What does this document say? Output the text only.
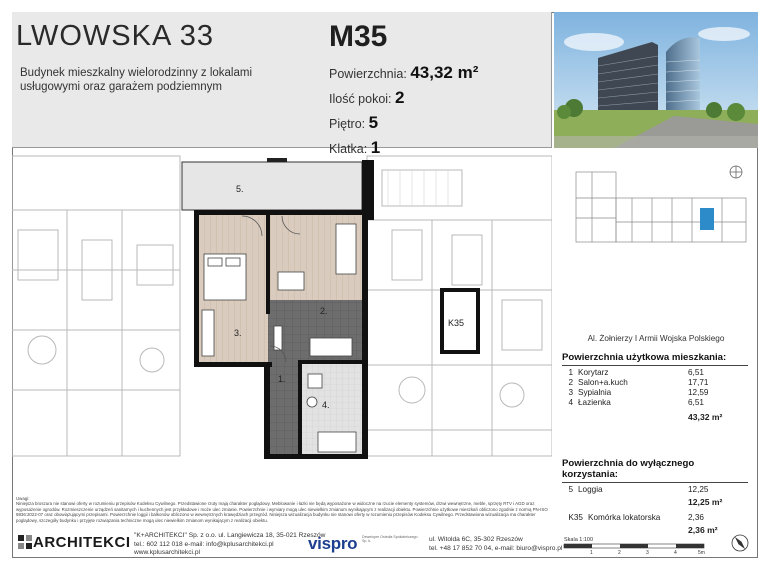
LWOWSKA 33	M35
Budynek mieszkalny wielorodzinny z lokalami usługowymi oraz garażem podziemnym
Powierzchnia: 43,32 m²
Ilość pokoi: 2
Piętro: 5
Klatka: 1
1.
2.
3.
4.
5.
K35
Al. Żołnierzy I Armii Wojska Polskiego
Powierzchnia użytkowa mieszkania:
1 Korytarz	6,51
2 Salon+a.kuch	17,71
3 Sypialnia	12,59
4 Łazienka	6,51
43,32 m²
Powierzchnia do wyłącznego korzystania:
5 Loggia	12,25
12,25 m²
K35 Komórka lokatorska	2,36
2,36 m²
Uwagi:
Niniejsza broszura nie stanowi oferty w rozumieniu przepisów Kodeksu Cywilnego. Przedstawione rzuty mają charakter poglądowy. Meblowanie i łazki nie będą wyposażone w widoczne na rzucie elementy systemów, drzwi wewnętrzne, meble, sprzęty RTV i AGD oraz wyposażenie ogrodów. Rozmieszczenie urządzeń sanitarnych i kuchennych jest przykładowe i może ulec zmianie. Powierzchnie i wymiary mogą ulec niewielkim zmianom wynikającym z realizacji obiektu. Powierzchnie użytkowe mieszkań obliczono zgodnie z normą PN-ISO 9836:2022-07 oraz obowiązującymi przepisami. Powierzchnie loggii i balkonów obliczono w wewnętrznych krawędziach przegród. Niniejsza wizualizacja budynku nie stanowi oferty w rozumieniu przepisów Kodeksu Cywilnego. Przedstawiona wizualizacja ma charakter poglądowy, szczegóły budynku i przyjęte rozwiązania techniczne mogą ulec niewielkim zmianom wynikającym z realizacji obiektu.
ARCHITEKCI "K+ARCHITEKCI" Sp. z o.o. ul. Langiewicza 18, 35-021 Rzeszów
tel.: 602 112 018 e-mail: info@kplusarchitekci.pl
www.kplusarchitekci.pl	vispro Deweloper Osiedla Spółdzielczego Sp. k.	ul. Witolda 6C, 35-302 Rzeszów
tel. +48 17 852 70 04, e-mail: biuro@vispro.pl
Skala 1:100
1	2	3	4	5m
